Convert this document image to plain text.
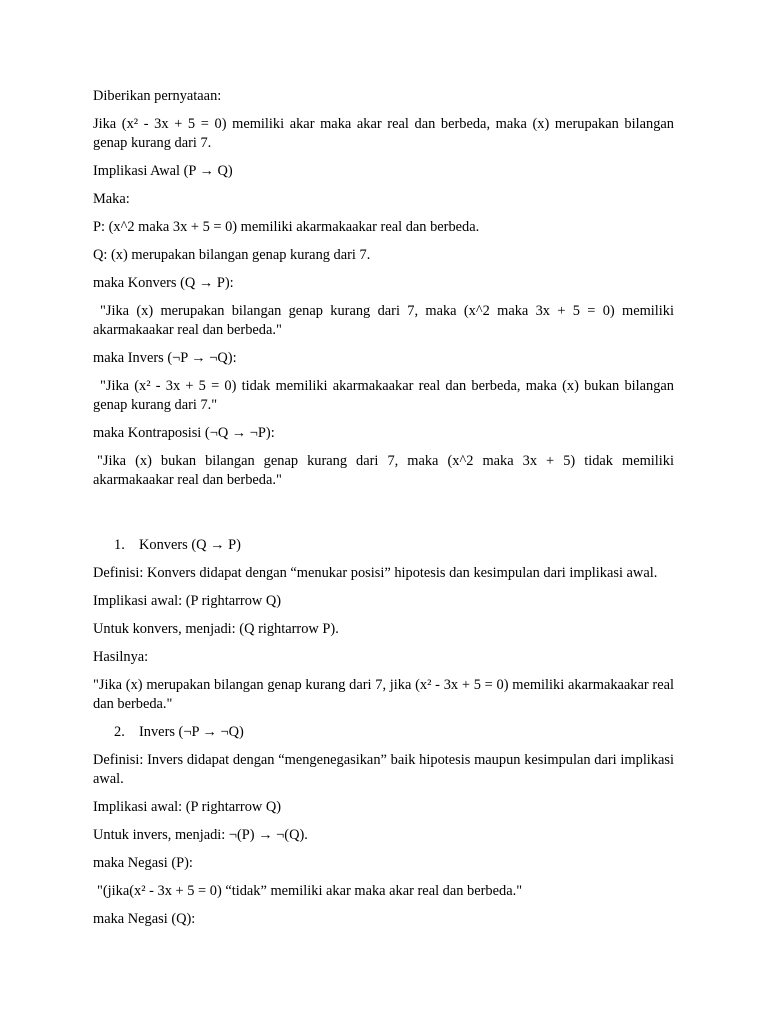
Diberikan pernyataan:

Jika (x² - 3x + 5 = 0) memiliki akar maka akar real dan berbeda, maka (x) merupakan bilangan genap kurang dari 7.

Implikasi Awal (P → Q)

Maka:

P: (x^2 maka 3x + 5 = 0) memiliki akarmakaakar real dan berbeda.

Q: (x) merupakan bilangan genap kurang dari 7.

maka Konvers (Q → P):

"Jika (x) merupakan bilangan genap kurang dari 7, maka (x^2 maka 3x + 5 = 0) memiliki akarmakaakar real dan berbeda."

maka Invers (¬P → ¬Q):

"Jika (x² - 3x + 5 = 0) tidak memiliki akarmakaakar real dan berbeda, maka (x) bukan bilangan genap kurang dari 7."

maka Kontraposisi (¬Q → ¬P):

"Jika (x) bukan bilangan genap kurang dari 7, maka (x^2 maka 3x + 5) tidak memiliki akarmakaakar real dan berbeda."

1. Konvers (Q → P)

Definisi: Konvers didapat dengan “menukar posisi” hipotesis dan kesimpulan dari implikasi awal.

Implikasi awal: (P rightarrow Q)

Untuk konvers, menjadi: (Q rightarrow P).

Hasilnya:

"Jika (x) merupakan bilangan genap kurang dari 7, jika (x² - 3x + 5 = 0) memiliki akarmakaakar real dan berbeda."

2. Invers (¬P → ¬Q)

Definisi: Invers didapat dengan “mengenegasikan” baik hipotesis maupun kesimpulan dari implikasi awal.

Implikasi awal: (P rightarrow Q)

Untuk invers, menjadi: ¬(P) → ¬(Q).

maka Negasi (P):

"(jika(x² - 3x + 5 = 0) “tidak” memiliki akar maka akar real dan berbeda."

maka Negasi (Q):
